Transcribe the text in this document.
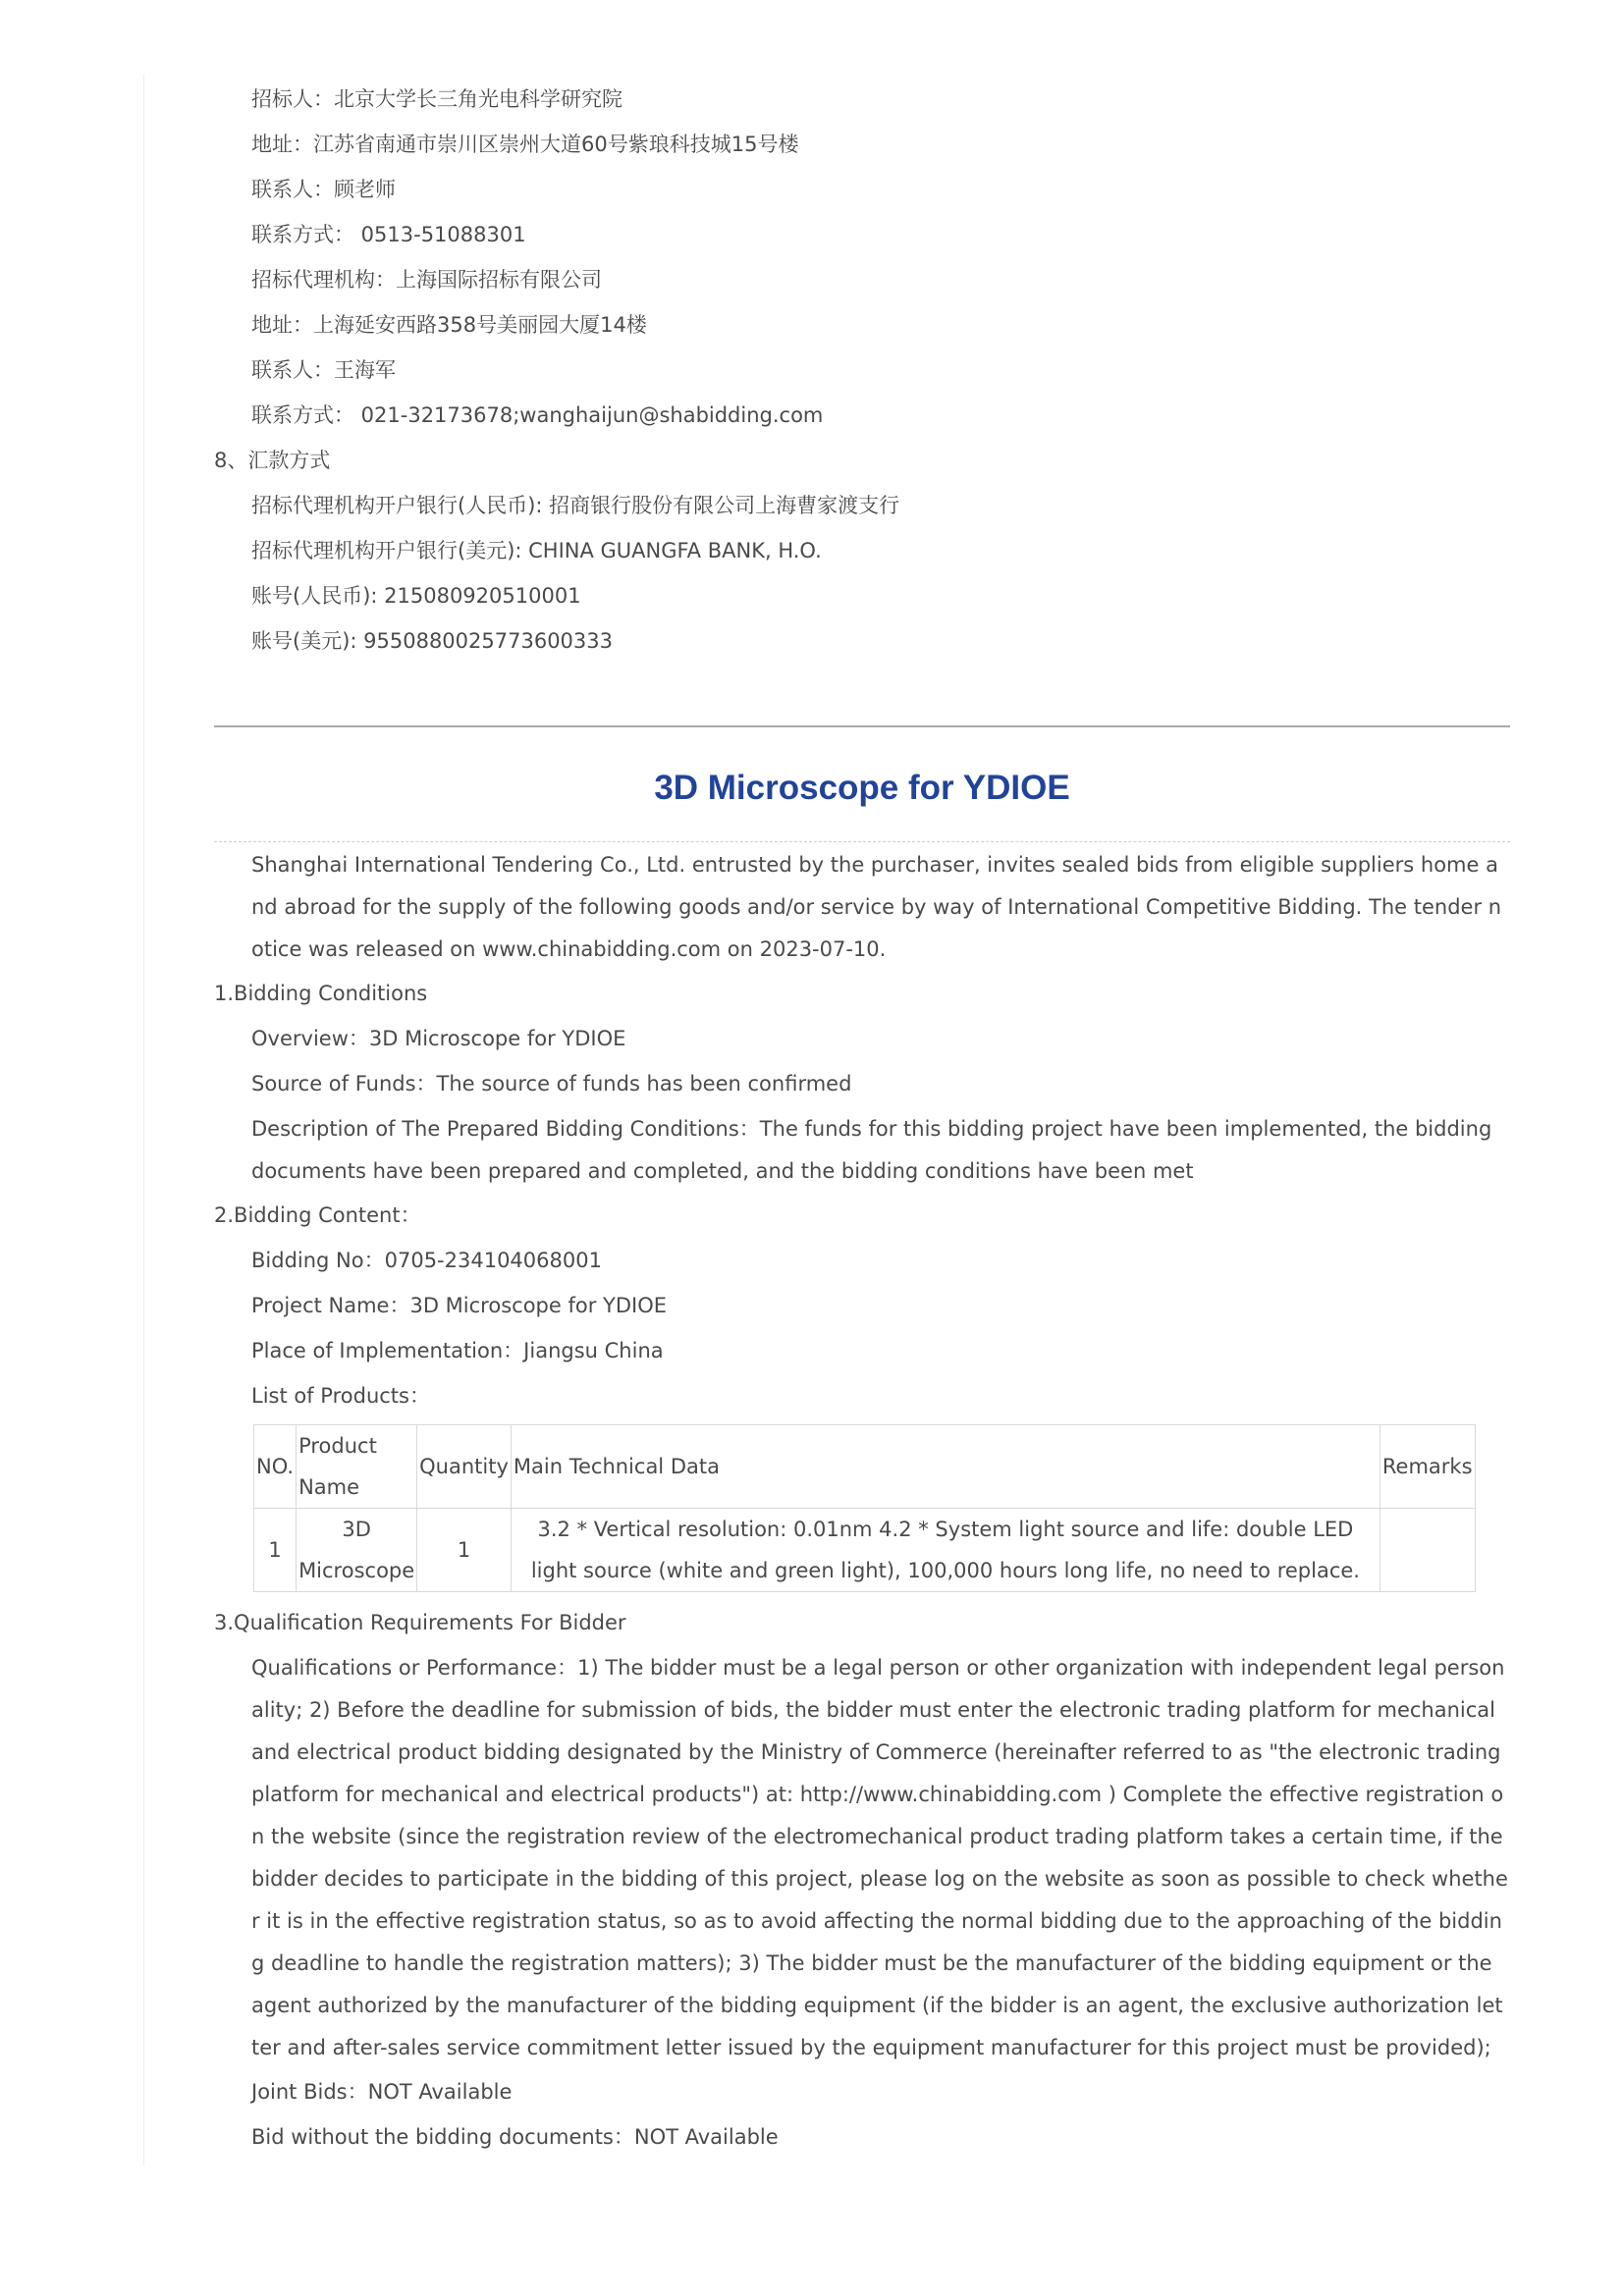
招标人：北京大学长三角光电科学研究院
地址：江苏省南通市崇川区崇州大道60号紫琅科技城15号楼
联系人：顾老师
联系方式： 0513-51088301
招标代理机构：上海国际招标有限公司
地址：上海延安西路358号美丽园大厦14楼
联系人：王海军
联系方式： 021-32173678;wanghaijun@shabidding.com
8、汇款方式
招标代理机构开户银行(人民币): 招商银行股份有限公司上海曹家渡支行
招标代理机构开户银行(美元): CHINA GUANGFA BANK, H.O.
账号(人民币): 215080920510001
账号(美元): 9550880025773600333
3D Microscope for YDIOE
Shanghai International Tendering Co., Ltd. entrusted by the purchaser, invites sealed bids from eligible suppliers home and abroad for the supply of the following goods and/or service by way of International Competitive Bidding. The tender notice was released on www.chinabidding.com on 2023-07-10.
1.Bidding Conditions
Overview：3D Microscope for YDIOE
Source of Funds：The source of funds has been confirmed
Description of The Prepared Bidding Conditions：The funds for this bidding project have been implemented, the bidding documents have been prepared and completed, and the bidding conditions have been met
2.Bidding Content：
Bidding No：0705-234104068001
Project Name：3D Microscope for YDIOE
Place of Implementation：Jiangsu China
List of Products：
NO.	Product Name	Quantity	Main Technical Data	Remarks
1	3D Microscope	1	3.2 * Vertical resolution: 0.01nm 4.2 * System light source and life: double LED light source (white and green light), 100,000 hours long life, no need to replace.	
3.Qualification Requirements For Bidder
Qualifications or Performance：1) The bidder must be a legal person or other organization with independent legal personality; 2) Before the deadline for submission of bids, the bidder must enter the electronic trading platform for mechanical and electrical product bidding designated by the Ministry of Commerce (hereinafter referred to as "the electronic trading platform for mechanical and electrical products") at: http://www.chinabidding.com ) Complete the effective registration on the website (since the registration review of the electromechanical product trading platform takes a certain time, if the bidder decides to participate in the bidding of this project, please log on the website as soon as possible to check whether it is in the effective registration status, so as to avoid affecting the normal bidding due to the approaching of the bidding deadline to handle the registration matters); 3) The bidder must be the manufacturer of the bidding equipment or the agent authorized by the manufacturer of the bidding equipment (if the bidder is an agent, the exclusive authorization letter and after-sales service commitment letter issued by the equipment manufacturer for this project must be provided);
Joint Bids：NOT Available
Bid without the bidding documents：NOT Available
